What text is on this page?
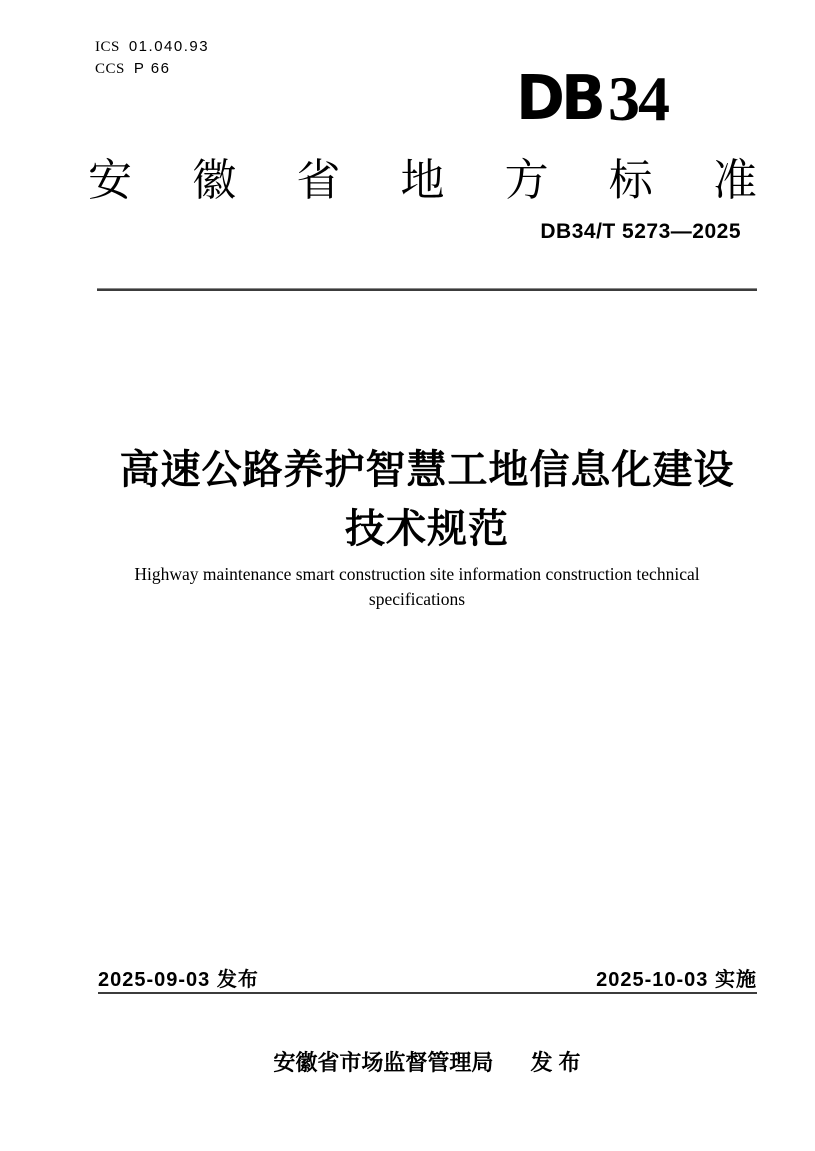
ICS 01.040.93
CCS P 66	DB 34
安 徽 省 地 方 标 准
DB34/T 5273—2025
高速公路养护智慧工地信息化建设
技术规范
Highway maintenance smart construction site information construction technical
specifications
2025-09-03 发布	2025-10-03 实施
安徽省市场监督管理局 发 布
